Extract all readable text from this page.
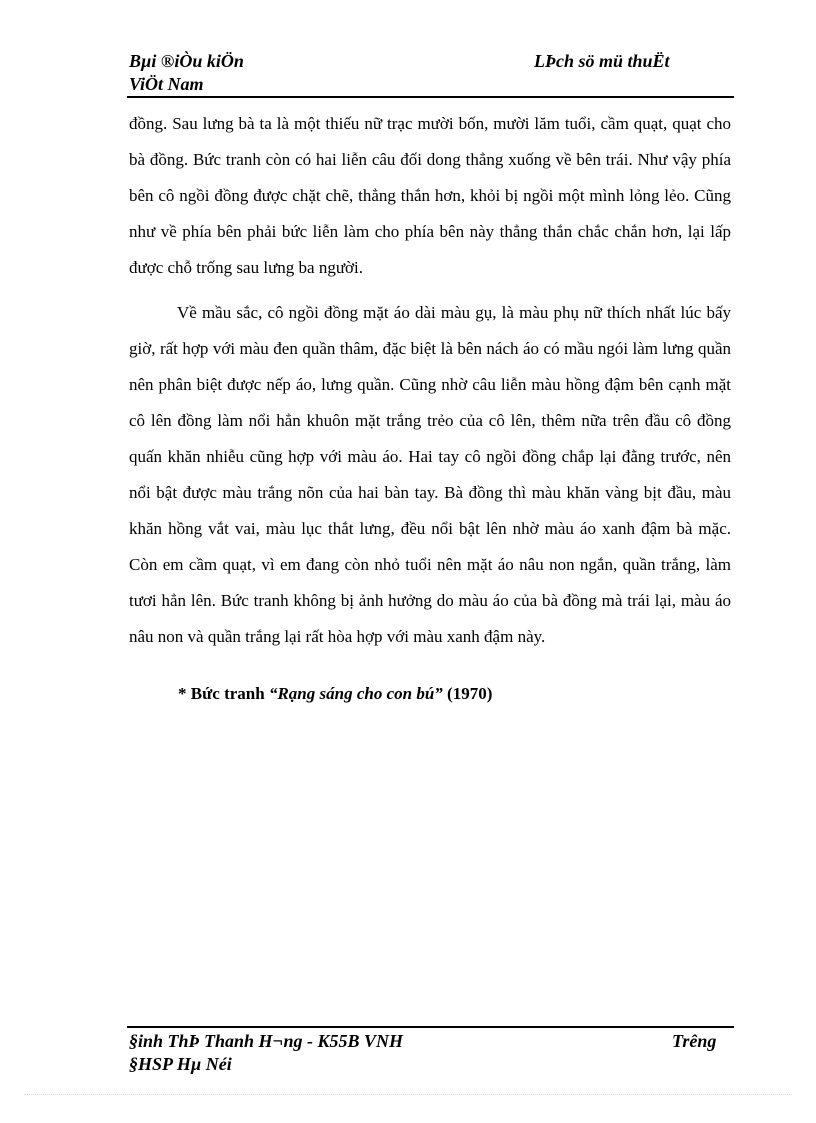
Bµi ®iÒu kiÖn
ViÖt Nam
LÞch sö mü thuËt

đồng. Sau lưng bà ta là một thiếu nữ trạc mười bốn, mười lăm tuổi, cầm quạt, quạt cho bà đồng. Bức tranh còn có hai liễn câu đối dong thẳng xuống về bên trái. Như vậy phía bên cô ngồi đồng được chặt chẽ, thẳng thắn hơn, khỏi bị ngồi một mình lỏng lẻo. Cũng như về phía bên phải bức liễn làm cho phía bên này thẳng thắn chắc chắn hơn, lại lấp được chỗ trống sau lưng ba người.

Về mầu sắc, cô ngồi đồng mặt áo dài màu gụ, là màu phụ nữ thích nhất lúc bấy giờ, rất hợp với màu đen quần thâm, đặc biệt là bên nách áo có mầu ngói làm lưng quần nên phân biệt được nếp áo, lưng quần. Cũng nhờ câu liễn màu hồng đậm bên cạnh mặt cô lên đồng làm nổi hẳn khuôn mặt trắng trẻo của cô lên, thêm nữa trên đầu cô đồng quấn khăn nhiễu cũng hợp với màu áo. Hai tay cô ngồi đồng chắp lại đằng trước, nên nổi bật được màu trắng nõn của hai bàn tay. Bà đồng thì màu khăn vàng bịt đầu, màu khăn hồng vắt vai, màu lục thắt lưng, đều nổi bật lên nhờ màu áo xanh đậm bà mặc. Còn em cầm quạt, vì em đang còn nhỏ tuổi nên mặt áo nâu non ngắn, quần trắng, làm tươi hẳn lên. Bức tranh không bị ảnh hưởng do màu áo của bà đồng mà trái lại, màu áo nâu non và quần trắng lại rất hòa hợp với màu xanh đậm này.

* Bức tranh “Rạng sáng cho con bú” (1970)
§inh ThÞ Thanh H¬ng - K55B VNH
§HSP Hµ Néi
Trêng
